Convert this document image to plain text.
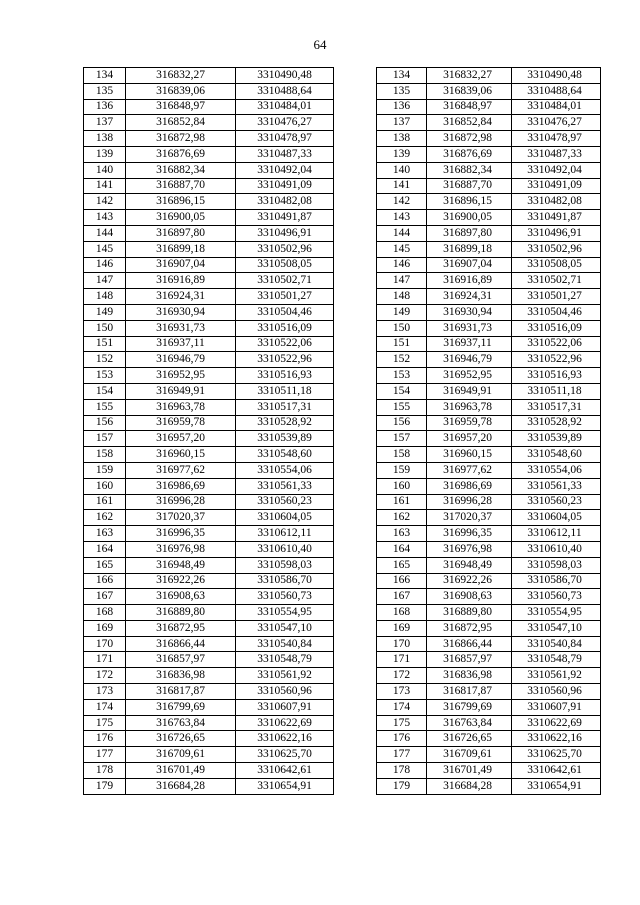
64
134	316832,27	3310490,48
135	316839,06	3310488,64
136	316848,97	3310484,01
137	316852,84	3310476,27
138	316872,98	3310478,97
139	316876,69	3310487,33
140	316882,34	3310492,04
141	316887,70	3310491,09
142	316896,15	3310482,08
143	316900,05	3310491,87
144	316897,80	3310496,91
145	316899,18	3310502,96
146	316907,04	3310508,05
147	316916,89	3310502,71
148	316924,31	3310501,27
149	316930,94	3310504,46
150	316931,73	3310516,09
151	316937,11	3310522,06
152	316946,79	3310522,96
153	316952,95	3310516,93
154	316949,91	3310511,18
155	316963,78	3310517,31
156	316959,78	3310528,92
157	316957,20	3310539,89
158	316960,15	3310548,60
159	316977,62	3310554,06
160	316986,69	3310561,33
161	316996,28	3310560,23
162	317020,37	3310604,05
163	316996,35	3310612,11
164	316976,98	3310610,40
165	316948,49	3310598,03
166	316922,26	3310586,70
167	316908,63	3310560,73
168	316889,80	3310554,95
169	316872,95	3310547,10
170	316866,44	3310540,84
171	316857,97	3310548,79
172	316836,98	3310561,92
173	316817,87	3310560,96
174	316799,69	3310607,91
175	316763,84	3310622,69
176	316726,65	3310622,16
177	316709,61	3310625,70
178	316701,49	3310642,61
179	316684,28	3310654,91
134	316832,27	3310490,48
135	316839,06	3310488,64
136	316848,97	3310484,01
137	316852,84	3310476,27
138	316872,98	3310478,97
139	316876,69	3310487,33
140	316882,34	3310492,04
141	316887,70	3310491,09
142	316896,15	3310482,08
143	316900,05	3310491,87
144	316897,80	3310496,91
145	316899,18	3310502,96
146	316907,04	3310508,05
147	316916,89	3310502,71
148	316924,31	3310501,27
149	316930,94	3310504,46
150	316931,73	3310516,09
151	316937,11	3310522,06
152	316946,79	3310522,96
153	316952,95	3310516,93
154	316949,91	3310511,18
155	316963,78	3310517,31
156	316959,78	3310528,92
157	316957,20	3310539,89
158	316960,15	3310548,60
159	316977,62	3310554,06
160	316986,69	3310561,33
161	316996,28	3310560,23
162	317020,37	3310604,05
163	316996,35	3310612,11
164	316976,98	3310610,40
165	316948,49	3310598,03
166	316922,26	3310586,70
167	316908,63	3310560,73
168	316889,80	3310554,95
169	316872,95	3310547,10
170	316866,44	3310540,84
171	316857,97	3310548,79
172	316836,98	3310561,92
173	316817,87	3310560,96
174	316799,69	3310607,91
175	316763,84	3310622,69
176	316726,65	3310622,16
177	316709,61	3310625,70
178	316701,49	3310642,61
179	316684,28	3310654,91
